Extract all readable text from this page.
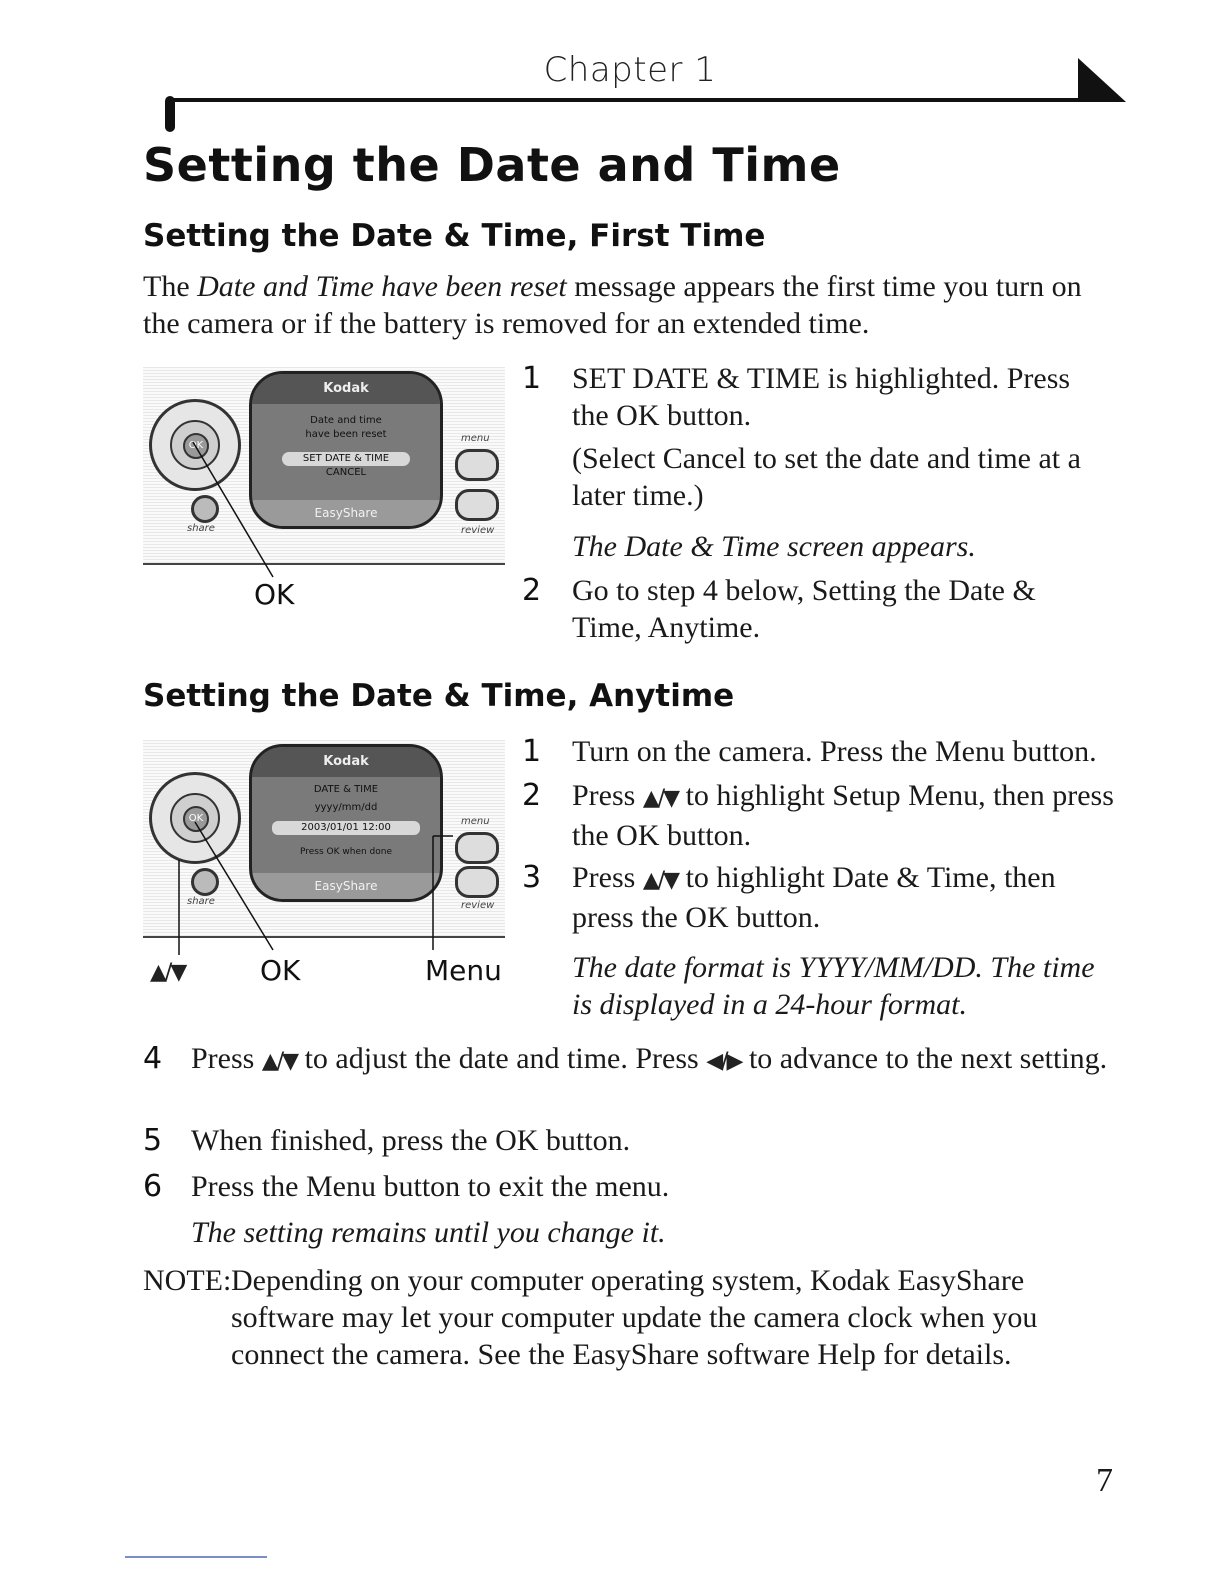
Chapter 1
Setting the Date and Time
Setting the Date & Time, First Time
The Date and Time have been reset message appears the first time you turn on the camera or if the battery is removed for an extended time.
OK
share
Kodak
Date and time
have been reset
SET DATE & TIME
CANCEL
EasyShare
menu
review
OK
1 SET DATE & TIME is highlighted. Press the OK button.
(Select Cancel to set the date and time at a later time.)
The Date & Time screen appears.
2 Go to step 4 below, Setting the Date & Time, Anytime.
Setting the Date & Time, Anytime
OK
share
Kodak
DATE & TIME
yyyy/mm/dd
2003/01/01 12:00
Press OK when done
EasyShare
menu
review
▲/▼	OK	Menu
1 Turn on the camera. Press the Menu button.
2 Press ▲/▼ to highlight Setup Menu, then press the OK button.
3 Press ▲/▼ to highlight Date & Time, then press the OK button.
The date format is YYYY/MM/DD. The time is displayed in a 24-hour format.
4 Press ▲/▼ to adjust the date and time. Press ◀/▶ to advance to the next setting.
5 When finished, press the OK button.
6 Press the Menu button to exit the menu.
The setting remains until you change it.
NOTE: Depending on your computer operating system, Kodak EasyShare software may let your computer update the camera clock when you connect the camera. See the EasyShare software Help for details.
7
